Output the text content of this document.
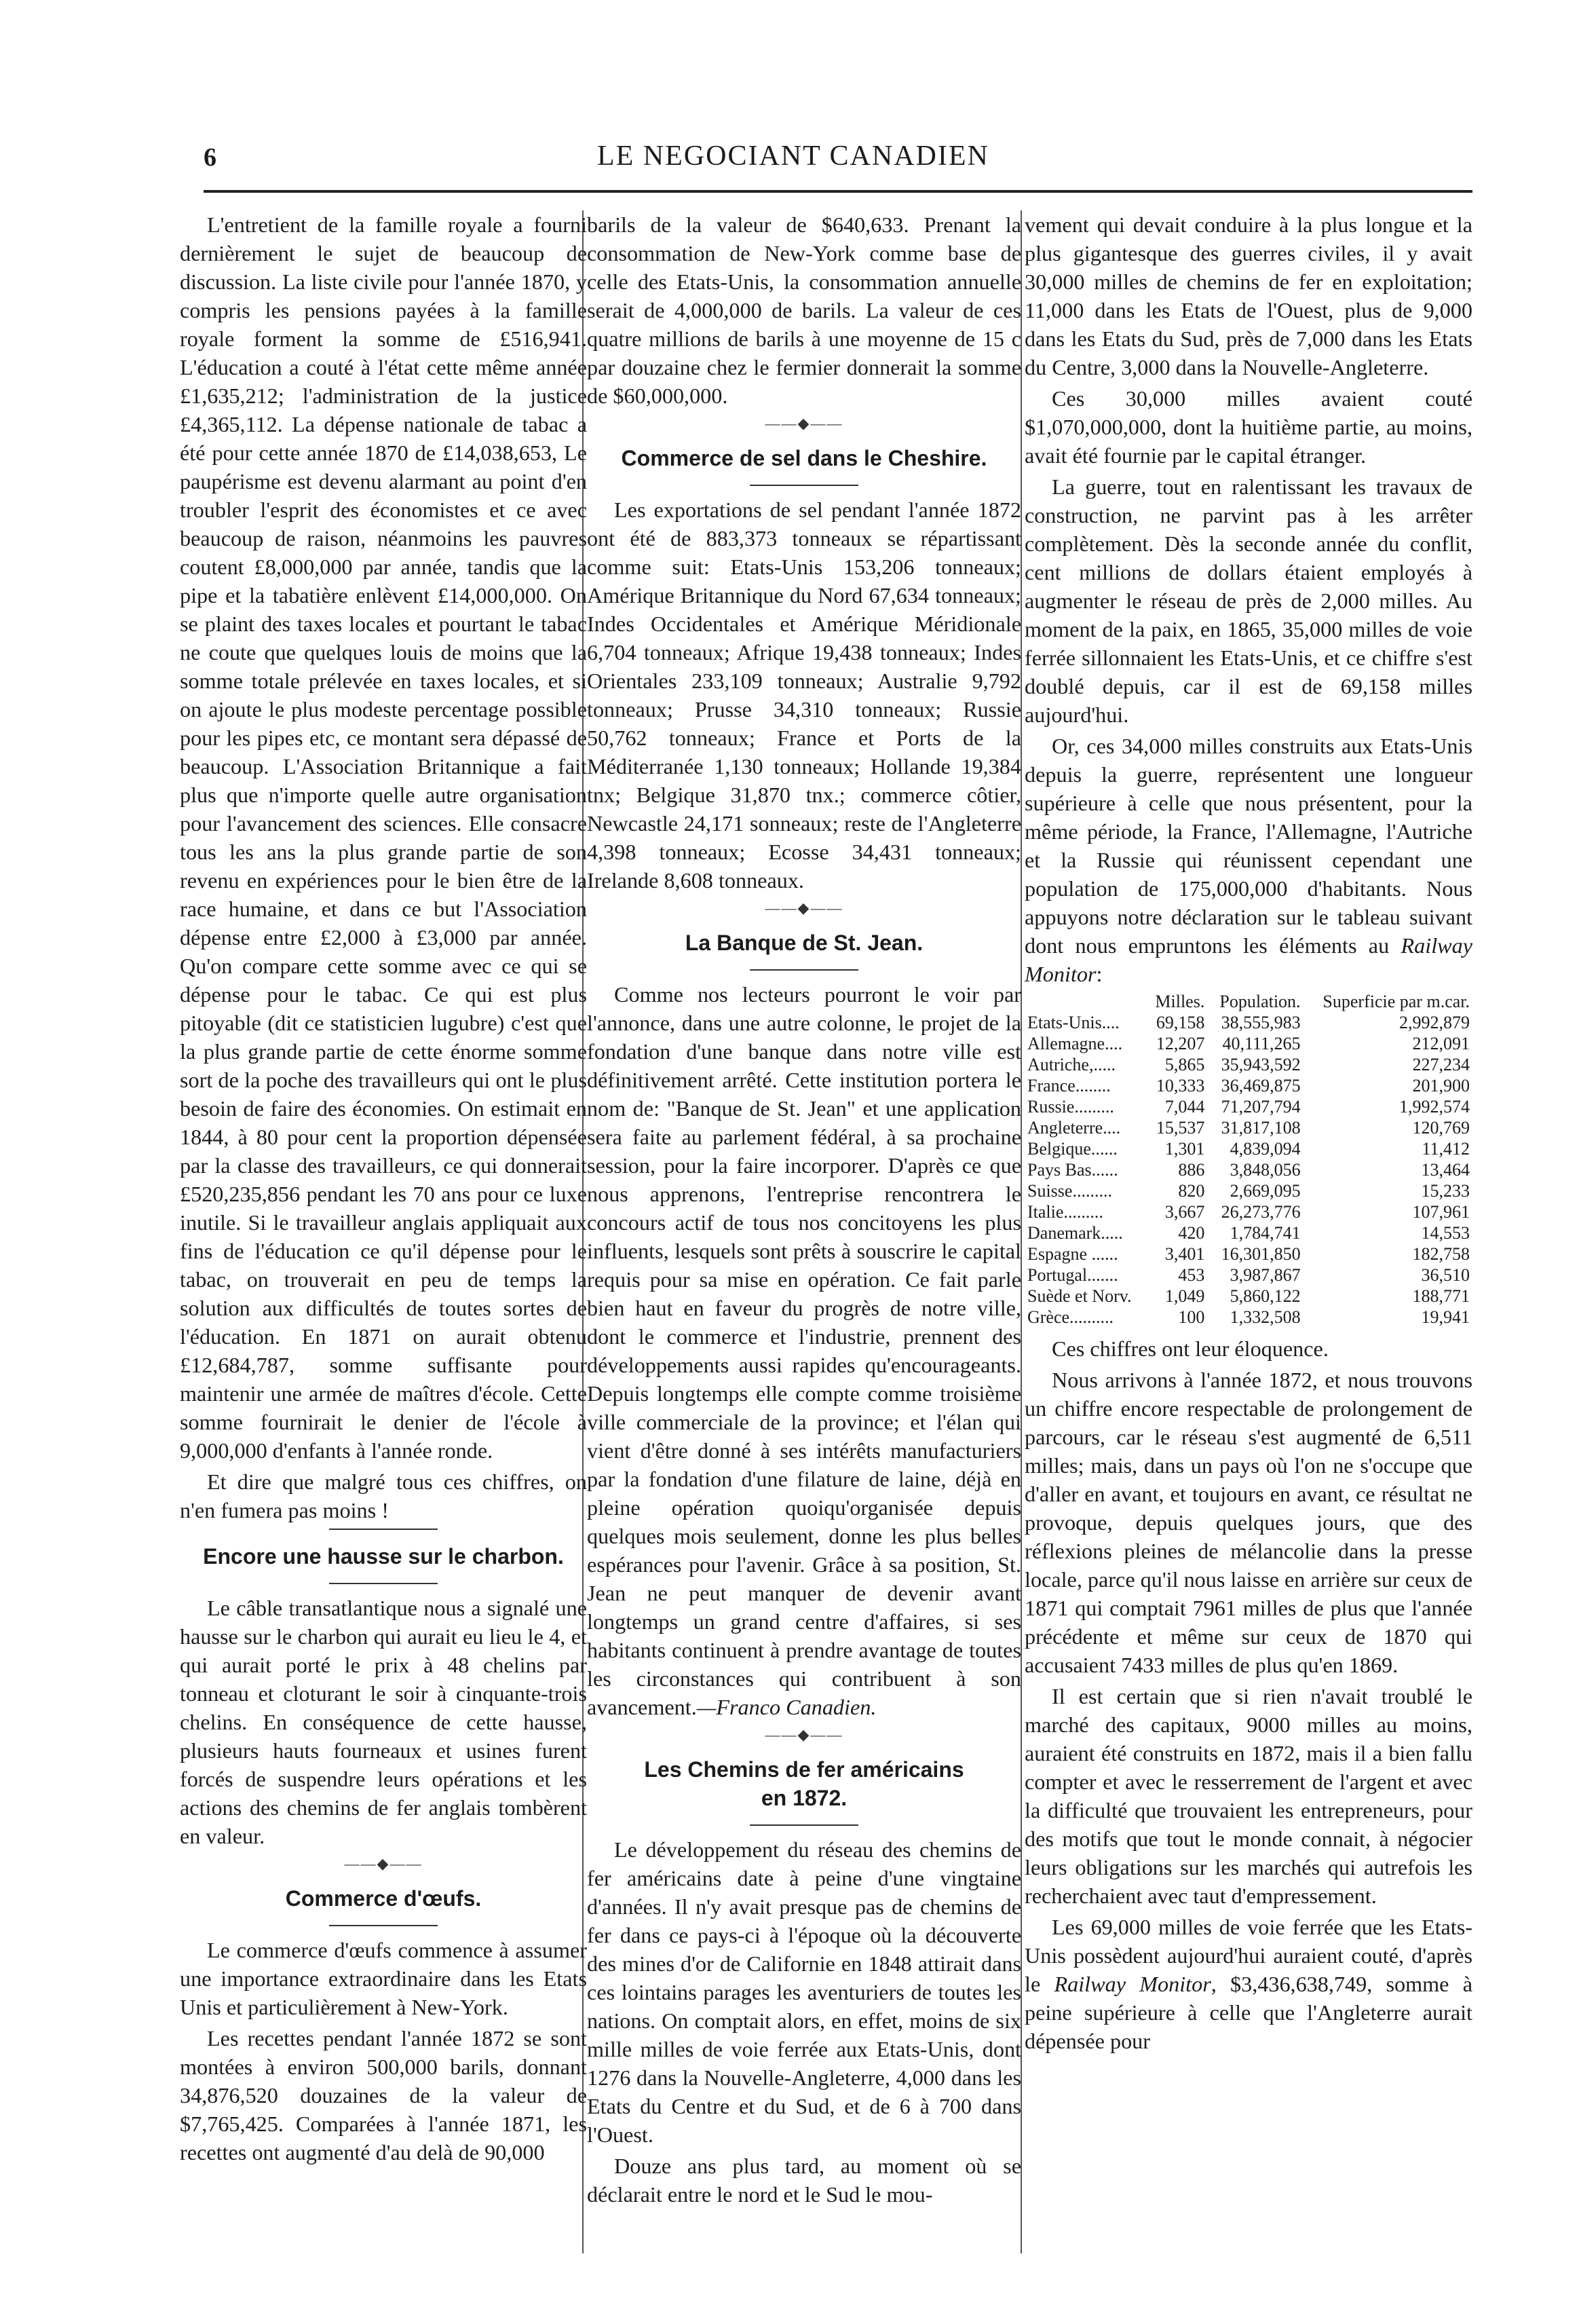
6	LE NEGOCIANT CANADIEN

L'entretient de la famille royale a fourni dernièrement le sujet de beaucoup de discussion. La liste civile pour l'année 1870, y compris les pensions payées à la famille royale forment la somme de £516,941. L'éducation a couté à l'état cette même année £1,635,212; l'administration de la justice £4,365,112. La dépense nationale de tabac a été pour cette année 1870 de £14,038,653, Le paupérisme est devenu alarmant au point d'en troubler l'esprit des économistes et ce avec beaucoup de raison, néanmoins les pauvres coutent £8,000,000 par année, tandis que la pipe et la tabatière enlèvent £14,000,000. On se plaint des taxes locales et pourtant le tabac ne coute que quelques louis de moins que la somme totale prélevée en taxes locales, et si on ajoute le plus modeste percentage possible pour les pipes etc, ce montant sera dépassé de beaucoup. L'Association Britannique a fait plus que n'importe quelle autre organisation pour l'avancement des sciences. Elle consacre tous les ans la plus grande partie de son revenu en expériences pour le bien être de la race humaine, et dans ce but l'Association dépense entre £2,000 à £3,000 par année. Qu'on compare cette somme avec ce qui se dépense pour le tabac. Ce qui est plus pitoyable (dit ce statisticien lugubre) c'est que la plus grande partie de cette énorme somme sort de la poche des travailleurs qui ont le plus besoin de faire des économies. On estimait en 1844, à 80 pour cent la proportion dépensée par la classe des travailleurs, ce qui donnerait £520,235,856 pendant les 70 ans pour ce luxe inutile. Si le travailleur anglais appliquait aux fins de l'éducation ce qu'il dépense pour le tabac, on trouverait en peu de temps la solution aux difficultés de toutes sortes de l'éducation. En 1871 on aurait obtenu £12,684,787, somme suffisante pour maintenir une armée de maîtres d'école. Cette somme fournirait le denier de l'école à 9,000,000 d'enfants à l'année ronde.

Et dire que malgré tous ces chiffres, on n'en fumera pas moins !

Encore une hausse sur le charbon.

Le câble transatlantique nous a signalé une hausse sur le charbon qui aurait eu lieu le 4, et qui aurait porté le prix à 48 chelins par tonneau et cloturant le soir à cinquante-trois chelins. En conséquence de cette hausse, plusieurs hauts fourneaux et usines furent forcés de suspendre leurs opérations et les actions des chemins de fer anglais tombèrent en valeur.

——◆——
Commerce d'œufs.

Le commerce d'œufs commence à assumer une importance extraordinaire dans les Etats Unis et particulièrement à New-York.

Les recettes pendant l'année 1872 se sont montées à environ 500,000 barils, donnant 34,876,520 douzaines de la valeur de $7,765,425. Comparées à l'année 1871, les recettes ont augmenté d'au delà de 90,000

barils de la valeur de $640,633. Prenant la consommation de New-York comme base de celle des Etats-Unis, la consommation annuelle serait de 4,000,000 de barils. La valeur de ces quatre millions de barils à une moyenne de 15 c par douzaine chez le fermier donnerait la somme de $60,000,000.

——◆——
Commerce de sel dans le Cheshire.

Les exportations de sel pendant l'année 1872 ont été de 883,373 tonneaux se répartissant comme suit: Etats-Unis 153,206 tonneaux; Amérique Britannique du Nord 67,634 tonneaux; Indes Occidentales et Amérique Méridionale 6,704 tonneaux; Afrique 19,438 tonneaux; Indes Orientales 233,109 tonneaux; Australie 9,792 tonneaux; Prusse 34,310 tonneaux; Russie 50,762 tonneaux; France et Ports de la Méditerranée 1,130 tonneaux; Hollande 19,384 tnx; Belgique 31,870 tnx.; commerce côtier, Newcastle 24,171 sonneaux; reste de l'Angleterre 4,398 tonneaux; Ecosse 34,431 tonneaux; Irelande 8,608 tonneaux.

——◆——
La Banque de St. Jean.

Comme nos lecteurs pourront le voir par l'annonce, dans une autre colonne, le projet de la fondation d'une banque dans notre ville est définitivement arrêté. Cette institution portera le nom de: "Banque de St. Jean" et une application sera faite au parlement fédéral, à sa prochaine session, pour la faire incorporer. D'après ce que nous apprenons, l'entreprise rencontrera le concours actif de tous nos concitoyens les plus influents, lesquels sont prêts à souscrire le capital requis pour sa mise en opération. Ce fait parle bien haut en faveur du progrès de notre ville, dont le commerce et l'industrie, prennent des développements aussi rapides qu'encourageants. Depuis longtemps elle compte comme troisième ville commerciale de la province; et l'élan qui vient d'être donné à ses intérêts manufacturiers par la fondation d'une filature de laine, déjà en pleine opération quoiqu'organisée depuis quelques mois seulement, donne les plus belles espérances pour l'avenir. Grâce à sa position, St. Jean ne peut manquer de devenir avant longtemps un grand centre d'affaires, si ses habitants continuent à prendre avantage de toutes les circonstances qui contribuent à son avancement.—Franco Canadien.

——◆——
Les Chemins de fer américains
en 1872.

Le développement du réseau des chemins de fer américains date à peine d'une vingtaine d'années. Il n'y avait presque pas de chemins de fer dans ce pays-ci à l'époque où la découverte des mines d'or de Californie en 1848 attirait dans ces lointains parages les aventuriers de toutes les nations. On comptait alors, en effet, moins de six mille milles de voie ferrée aux Etats-Unis, dont 1276 dans la Nouvelle-Angleterre, 4,000 dans les Etats du Centre et du Sud, et de 6 à 700 dans l'Ouest.

Douze ans plus tard, au moment où se déclarait entre le nord et le Sud le mou-

vement qui devait conduire à la plus longue et la plus gigantesque des guerres civiles, il y avait 30,000 milles de chemins de fer en exploitation; 11,000 dans les Etats de l'Ouest, plus de 9,000 dans les Etats du Sud, près de 7,000 dans les Etats du Centre, 3,000 dans la Nouvelle-Angleterre.

Ces 30,000 milles avaient couté $1,070,000,000, dont la huitième partie, au moins, avait été fournie par le capital étranger.

La guerre, tout en ralentissant les travaux de construction, ne parvint pas à les arrêter complètement. Dès la seconde année du conflit, cent millions de dollars étaient employés à augmenter le réseau de près de 2,000 milles. Au moment de la paix, en 1865, 35,000 milles de voie ferrée sillonnaient les Etats-Unis, et ce chiffre s'est doublé depuis, car il est de 69,158 milles aujourd'hui.

Or, ces 34,000 milles construits aux Etats-Unis depuis la guerre, représentent une longueur supérieure à celle que nous présentent, pour la même période, la France, l'Allemagne, l'Autriche et la Russie qui réunissent cependant une population de 175,000,000 d'habitants. Nous appuyons notre déclaration sur le tableau suivant dont nous empruntons les éléments au Railway Monitor:

	Milles.	Population.	Superficie par m.car.
Etats-Unis....	69,158	38,555,983	2,992,879
Allemagne....	12,207	40,111,265	212,091
Autriche,.....	5,865	35,943,592	227,234
France........	10,333	36,469,875	201,900
Russie.........	7,044	71,207,794	1,992,574
Angleterre....	15,537	31,817,108	120,769
Belgique......	1,301	4,839,094	11,412
Pays Bas......	886	3,848,056	13,464
Suisse.........	820	2,669,095	15,233
Italie.........	3,667	26,273,776	107,961
Danemark.....	420	1,784,741	14,553
Espagne ......	3,401	16,301,850	182,758
Portugal.......	453	3,987,867	36,510
Suède et Norv.	1,049	5,860,122	188,771
Grèce..........	100	1,332,508	19,941

Ces chiffres ont leur éloquence.

Nous arrivons à l'année 1872, et nous trouvons un chiffre encore respectable de prolongement de parcours, car le réseau s'est augmenté de 6,511 milles; mais, dans un pays où l'on ne s'occupe que d'aller en avant, et toujours en avant, ce résultat ne provoque, depuis quelques jours, que des réflexions pleines de mélancolie dans la presse locale, parce qu'il nous laisse en arrière sur ceux de 1871 qui comptait 7961 milles de plus que l'année précédente et même sur ceux de 1870 qui accusaient 7433 milles de plus qu'en 1869.

Il est certain que si rien n'avait troublé le marché des capitaux, 9000 milles au moins, auraient été construits en 1872, mais il a bien fallu compter et avec le resserrement de l'argent et avec la difficulté que trouvaient les entrepreneurs, pour des motifs que tout le monde connait, à négocier leurs obligations sur les marchés qui autrefois les recherchaient avec taut d'empressement.

Les 69,000 milles de voie ferrée que les Etats-Unis possèdent aujourd'hui auraient couté, d'après le Railway Monitor, $3,436,638,749, somme à peine supérieure à celle que l'Angleterre aurait dépensée pour
